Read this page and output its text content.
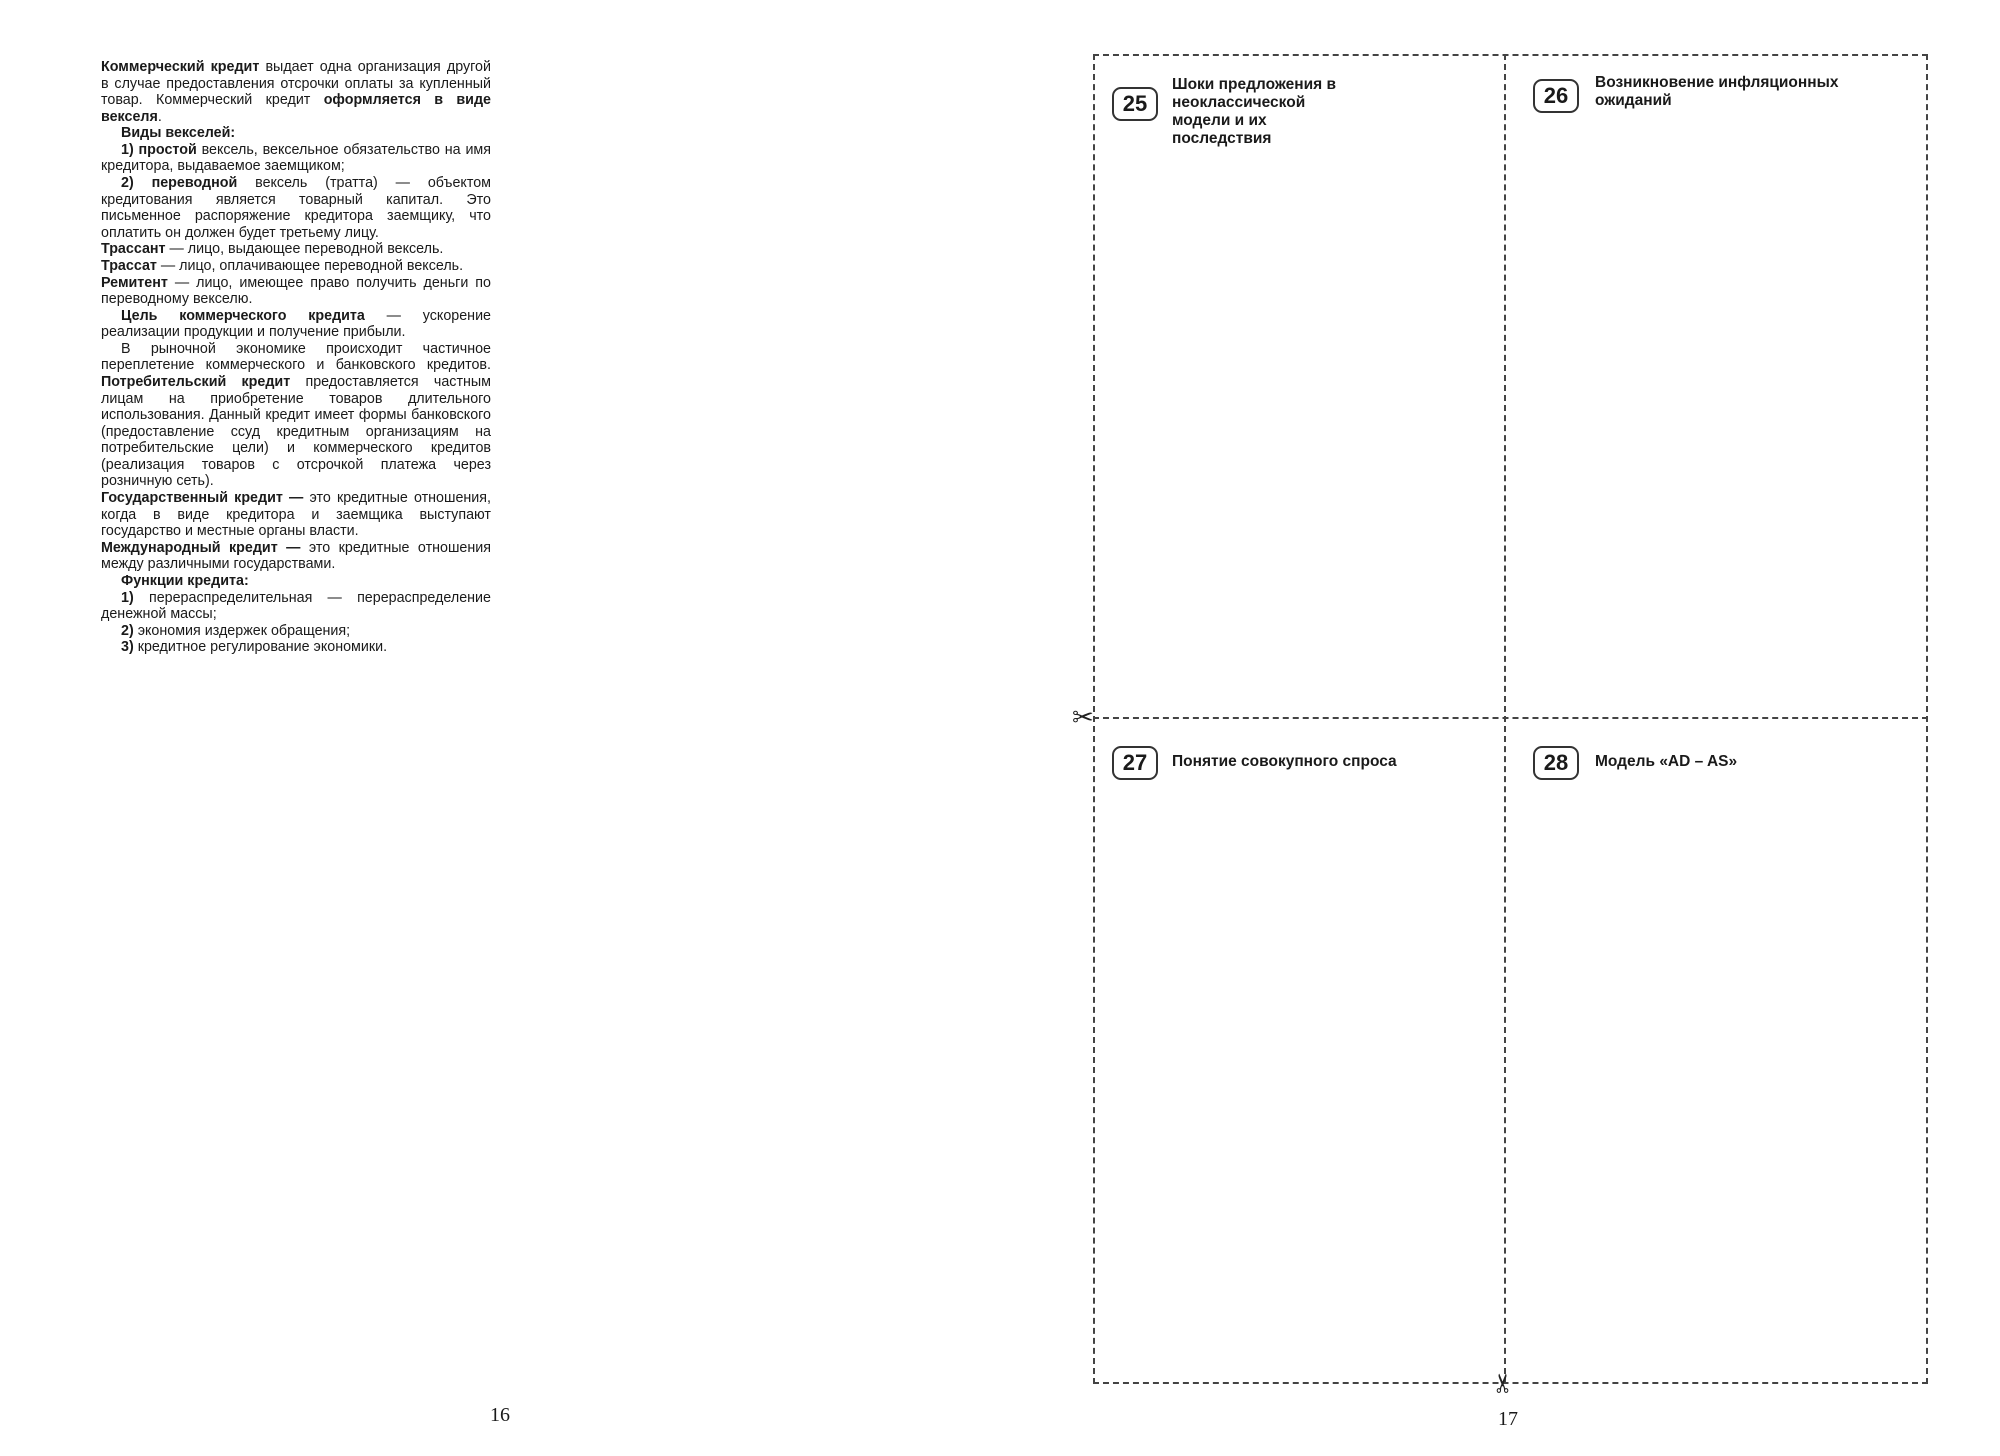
Коммерческий кредит выдает одна организация другой в случае предоставления отсрочки оплаты за купленный товар. Коммерческий кредит оформляется в виде векселя.

Виды векселей:

1) простой вексель, вексельное обязательство на имя кредитора, выдаваемое заемщиком;

2) переводной вексель (тратта) — объектом кредитования является товарный капитал. Это письменное распоряжение кредитора заемщику, что оплатить он должен будет третьему лицу.

Трассант — лицо, выдающее переводной вексель.

Трассат — лицо, оплачивающее переводной вексель.

Ремитент — лицо, имеющее право получить деньги по переводному векселю.

Цель коммерческого кредита — ускорение реализации продукции и получение прибыли.

В рыночной экономике происходит частичное переплетение коммерческого и банковского кредитов. Потребительский кредит предоставляется частным лицам на приобретение товаров длительного использования. Данный кредит имеет формы банковского (предоставление ссуд кредитным организациям на потребительские цели) и коммерческого кредитов (реализация товаров с отсрочкой платежа через розничную сеть).

Государственный кредит — это кредитные отношения, когда в виде кредитора и заемщика выступают государство и местные органы власти.

Международный кредит — это кредитные отношения между различными государствами.

Функции кредита:

1) перераспределительная — перераспределение денежной массы;

2) экономия издержек обращения;

3) кредитное регулирование экономики.

16
✂
✂
25
Шоки предложения в неоклассической модели и их последствия
26
Возникновение инфляционных ожиданий
27	Понятие совокупного спроса	28	Модель «AD – AS»
17
